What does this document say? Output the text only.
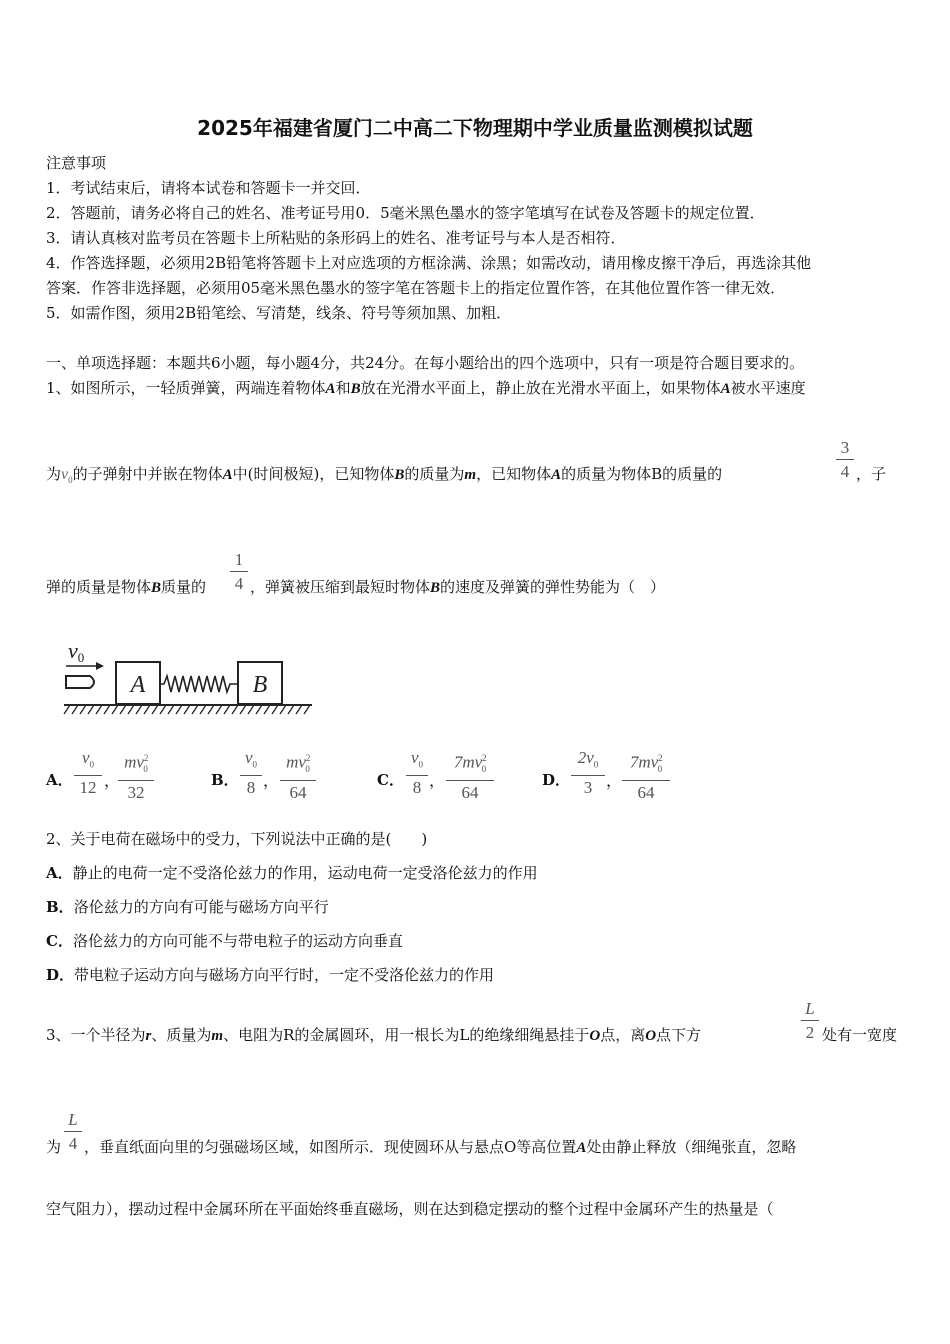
2025年福建省厦门二中高二下物理期中学业质量监测模拟试题
注意事项
1．考试结束后，请将本试卷和答题卡一并交回．
2．答题前，请务必将自己的姓名、准考证号用0．5毫米黑色墨水的签字笔填写在试卷及答题卡的规定位置．
3．请认真核对监考员在答题卡上所粘贴的条形码上的姓名、准考证号与本人是否相符．
4．作答选择题，必须用2B铅笔将答题卡上对应选项的方框涂满、涂黑；如需改动，请用橡皮擦干净后，再选涂其他
答案．作答非选择题，必须用05毫米黑色墨水的签字笔在答题卡上的指定位置作答，在其他位置作答一律无效．
5．如需作图，须用2B铅笔绘、写清楚，线条、符号等须加黑、加粗．
一、单项选择题：本题共6小题，每小题4分，共24分。在每小题给出的四个选项中，只有一项是符合题目要求的。
1、如图所示，一轻质弹簧，两端连着物体A和B放在光滑水平面上，静止放在光滑水平面上，如果物体A被水平速度
为$v_0$的子弹射中并嵌在物体A中(时间极短)，已知物体B的质量为m，已知物体A的质量为物体B的质量的
3
4 ，子
弹的质量是物体B质量的
1
4 ，弹簧被压缩到最短时物体B的速度及弹簧的弹性势能为（　）
v0
A	B
A．
$v_0$
12 ，
$mv^2_0$
32
B．
$v_0$
8 ，
$mv^2_0$
64
C．
$v_0$
8 ，
$7mv^2_0$
64
D．
$2v_0$
3 ，
$7mv^2_0$
64
2、关于电荷在磁场中的受力，下列说法中正确的是(　　)
A．静止的电荷一定不受洛伦兹力的作用，运动电荷一定受洛伦兹力的作用
B．洛伦兹力的方向有可能与磁场方向平行
C．洛伦兹力的方向可能不与带电粒子的运动方向垂直
D．带电粒子运动方向与磁场方向平行时，一定不受洛伦兹力的作用
3、一个半径为r、质量为m、电阻为R的金属圆环，用一根长为L的绝缘细绳悬挂于O点，离O点下方
L
2 处有一宽度
为
L
4 ，垂直纸面向里的匀强磁场区域，如图所示．现使圆环从与悬点O等高位置A处由静止释放（细绳张直，忽略
空气阻力），摆动过程中金属环所在平面始终垂直磁场，则在达到稳定摆动的整个过程中金属环产生的热量是（
